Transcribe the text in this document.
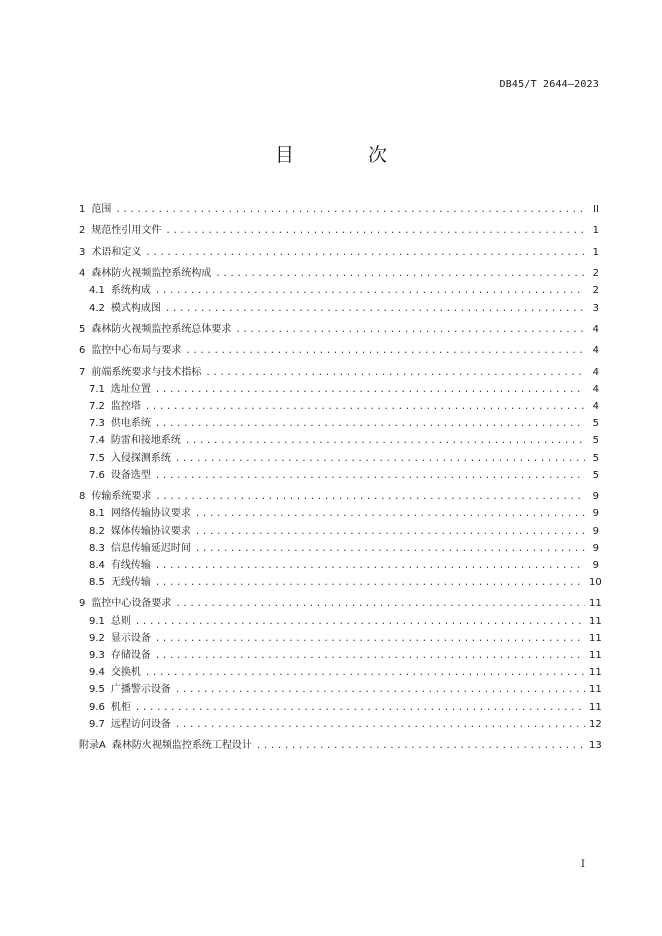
DB45/T 2644—2023
目 次
1 范围 .....	II
2 规范性引用文件 .....	1
3 术语和定义 .....	1
4 森林防火视频监控系统构成 .....	2
4.1 系统构成 .....	2
4.2 模式构成图 .....	3
5 森林防火视频监控系统总体要求 .....	4
6 监控中心布局与要求 .....	4
7 前端系统要求与技术指标 .....	4
7.1 选址位置 .....	4
7.2 监控塔 .....	4
7.3 供电系统 .....	5
7.4 防雷和接地系统 .....	5
7.5 入侵探测系统 .....	5
7.6 设备选型 .....	5
8 传输系统要求 .....	9
8.1 网络传输协议要求 .....	9
8.2 媒体传输协议要求 .....	9
8.3 信息传输延迟时间 .....	9
8.4 有线传输 .....	9
8.5 无线传输 .....	10
9 监控中心设备要求 .....	11
9.1 总则 .....	11
9.2 显示设备 .....	11
9.3 存储设备 .....	11
9.4 交换机 .....	11
9.5 广播警示设备 .....	11
9.6 机柜 .....	11
9.7 远程访问设备 .....	12
附录A 森林防火视频监控系统工程设计 .....	13
I
